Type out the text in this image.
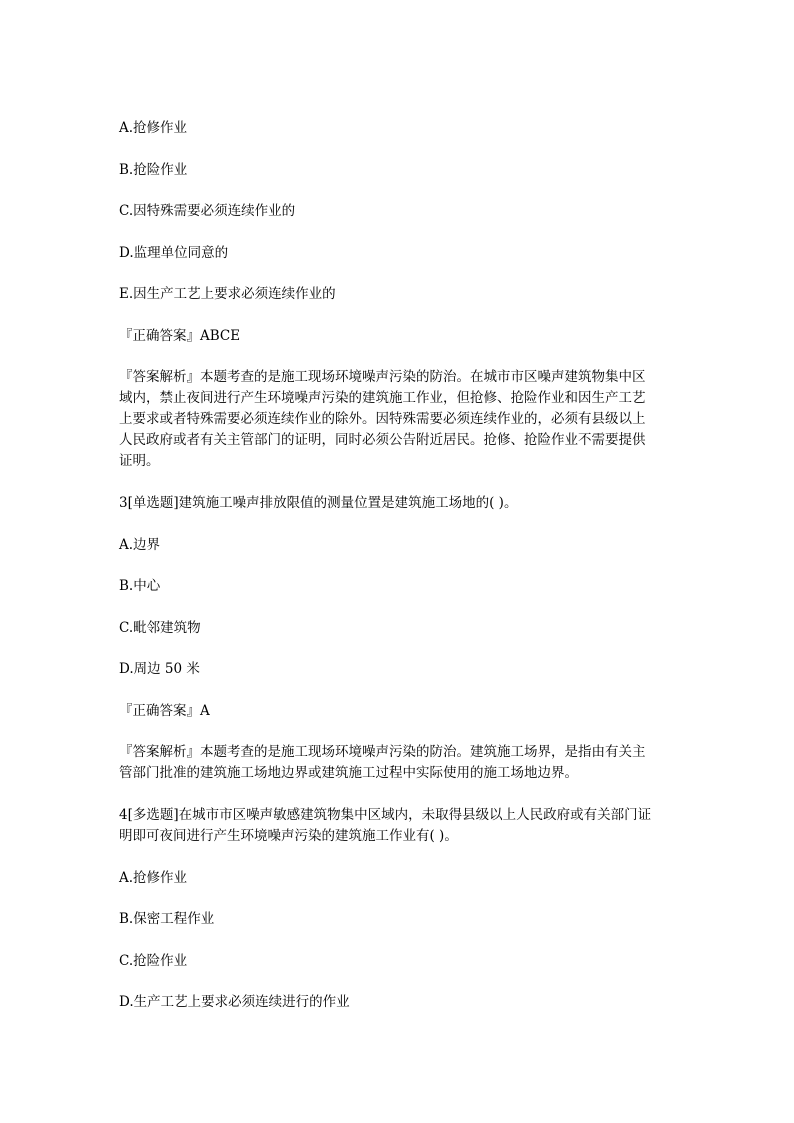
A.抢修作业
B.抢险作业
C.因特殊需要必须连续作业的
D.监理单位同意的
E.因生产工艺上要求必须连续作业的
『正确答案』ABCE
『答案解析』本题考查的是施工现场环境噪声污染的防治。在城市市区噪声建筑物集中区
域内，禁止夜间进行产生环境噪声污染的建筑施工作业，但抢修、抢险作业和因生产工艺
上要求或者特殊需要必须连续作业的除外。因特殊需要必须连续作业的，必须有县级以上
人民政府或者有关主管部门的证明，同时必须公告附近居民。抢修、抢险作业不需要提供
证明。
3[单选题]建筑施工噪声排放限值的测量位置是建筑施工场地的( )。
A.边界
B.中心
C.毗邻建筑物
D.周边 50 米
『正确答案』A
『答案解析』本题考查的是施工现场环境噪声污染的防治。建筑施工场界，是指由有关主
管部门批准的建筑施工场地边界或建筑施工过程中实际使用的施工场地边界。
4[多选题]在城市市区噪声敏感建筑物集中区域内，未取得县级以上人民政府或有关部门证
明即可夜间进行产生环境噪声污染的建筑施工作业有( )。
A.抢修作业
B.保密工程作业
C.抢险作业
D.生产工艺上要求必须连续进行的作业
